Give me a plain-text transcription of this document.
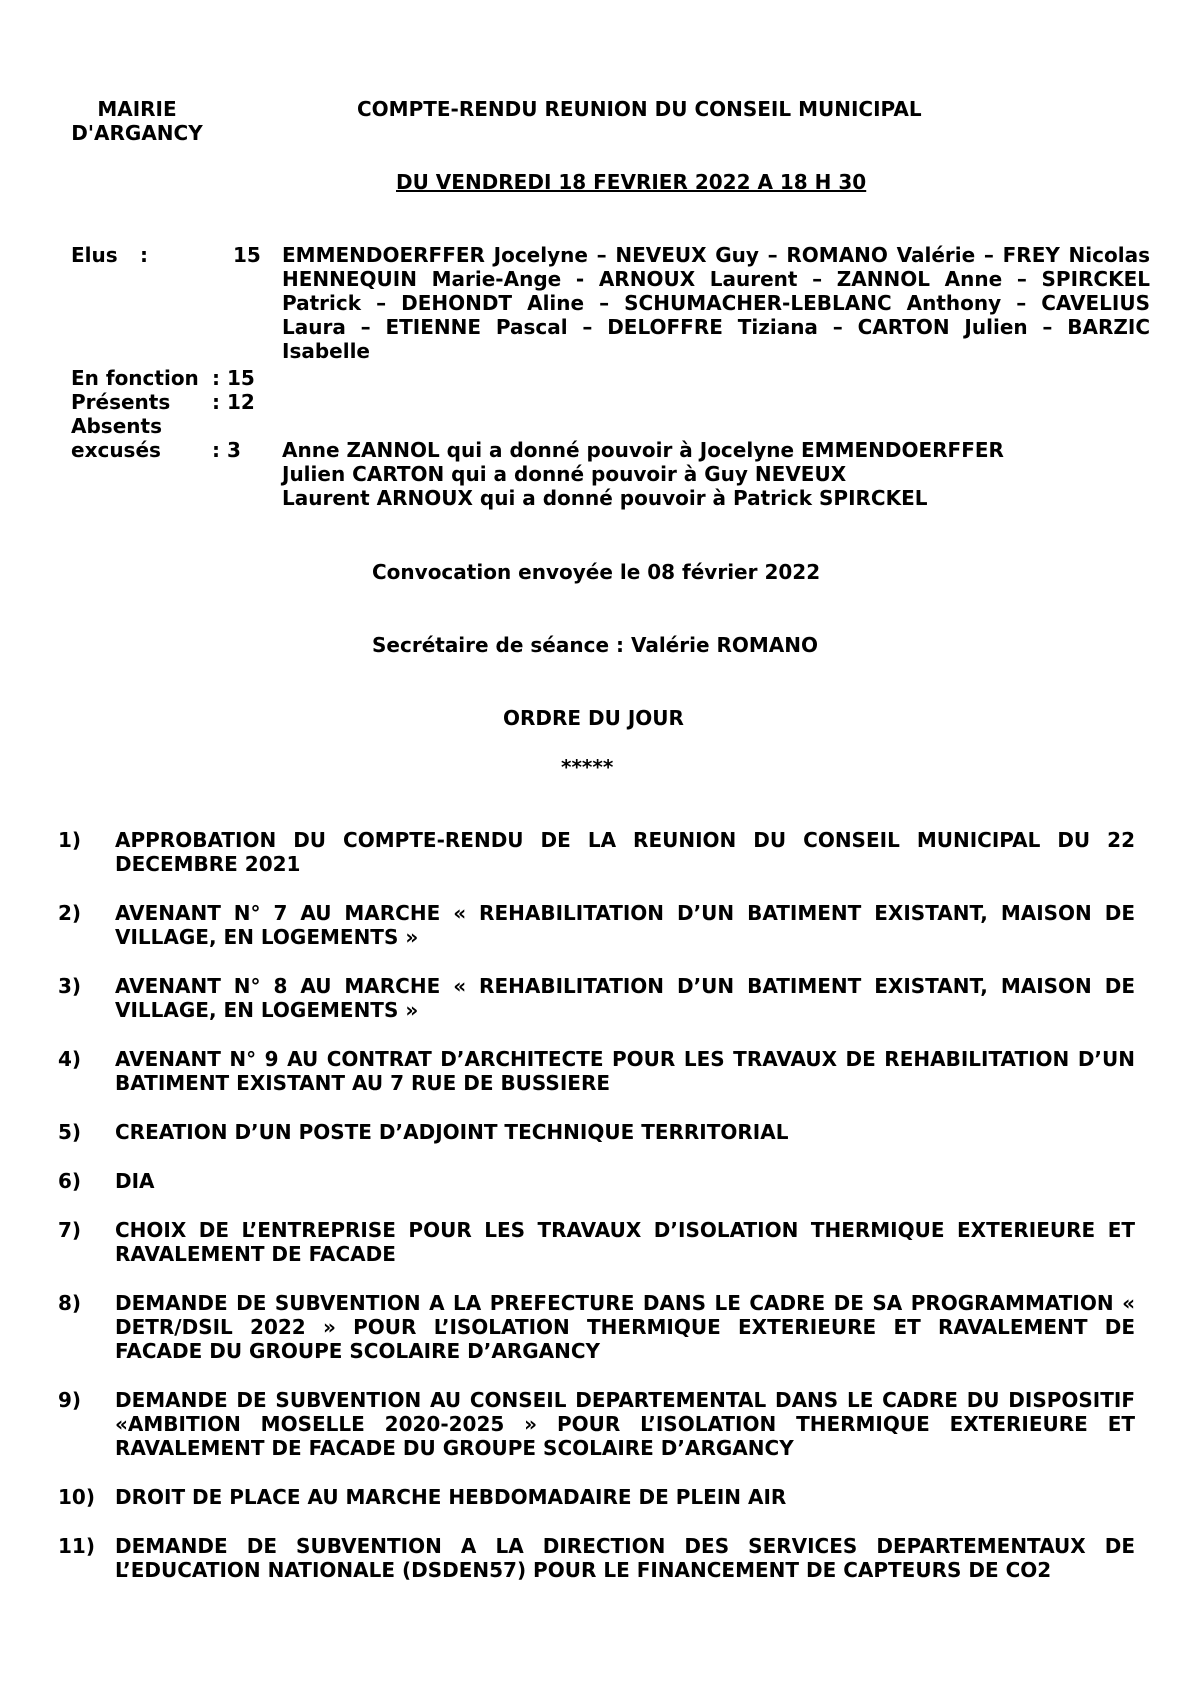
MAIRIE D'ARGANCY
COMPTE-RENDU REUNION DU CONSEIL MUNICIPAL
DU VENDREDI 18 FEVRIER 2022 A 18 H 30
Elus :	15 EMMENDOERFFER Jocelyne – NEVEUX Guy – ROMANO Valérie – FREY Nicolas HENNEQUIN Marie-Ange - ARNOUX Laurent – ZANNOL Anne – SPIRCKEL Patrick – DEHONDT Aline – SCHUMACHER-LEBLANC Anthony – CAVELIUS Laura – ETIENNE Pascal – DELOFFRE Tiziana – CARTON Julien – BARZIC Isabelle
En fonction : 15
Présents : 12
Absents
excusés	: 3 Anne ZANNOL qui a donné pouvoir à Jocelyne EMMENDOERFFER
Julien CARTON qui a donné pouvoir à Guy NEVEUX
Laurent ARNOUX qui a donné pouvoir à Patrick SPIRCKEL
Convocation envoyée le 08 février 2022
Secrétaire de séance : Valérie ROMANO
ORDRE DU JOUR
*****
1) APPROBATION DU COMPTE-RENDU DE LA REUNION DU CONSEIL MUNICIPAL DU 22 DECEMBRE 2021
2) AVENANT N° 7 AU MARCHE « REHABILITATION D’UN BATIMENT EXISTANT, MAISON DE VILLAGE, EN LOGEMENTS »
3) AVENANT N° 8 AU MARCHE « REHABILITATION D’UN BATIMENT EXISTANT, MAISON DE VILLAGE, EN LOGEMENTS »
4) AVENANT N° 9 AU CONTRAT D’ARCHITECTE POUR LES TRAVAUX DE REHABILITATION D’UN BATIMENT EXISTANT AU 7 RUE DE BUSSIERE
5) CREATION D’UN POSTE D’ADJOINT TECHNIQUE TERRITORIAL
6) DIA
7) CHOIX DE L’ENTREPRISE POUR LES TRAVAUX D’ISOLATION THERMIQUE EXTERIEURE ET RAVALEMENT DE FACADE
8) DEMANDE DE SUBVENTION A LA PREFECTURE DANS LE CADRE DE SA PROGRAMMATION « DETR/DSIL 2022 » POUR L’ISOLATION THERMIQUE EXTERIEURE ET RAVALEMENT DE FACADE DU GROUPE SCOLAIRE D’ARGANCY
9) DEMANDE DE SUBVENTION AU CONSEIL DEPARTEMENTAL DANS LE CADRE DU DISPOSITIF «AMBITION MOSELLE 2020-2025 » POUR L’ISOLATION THERMIQUE EXTERIEURE ET RAVALEMENT DE FACADE DU GROUPE SCOLAIRE D’ARGANCY
10) DROIT DE PLACE AU MARCHE HEBDOMADAIRE DE PLEIN AIR
11) DEMANDE DE SUBVENTION A LA DIRECTION DES SERVICES DEPARTEMENTAUX DE L’EDUCATION NATIONALE (DSDEN57) POUR LE FINANCEMENT DE CAPTEURS DE CO2
